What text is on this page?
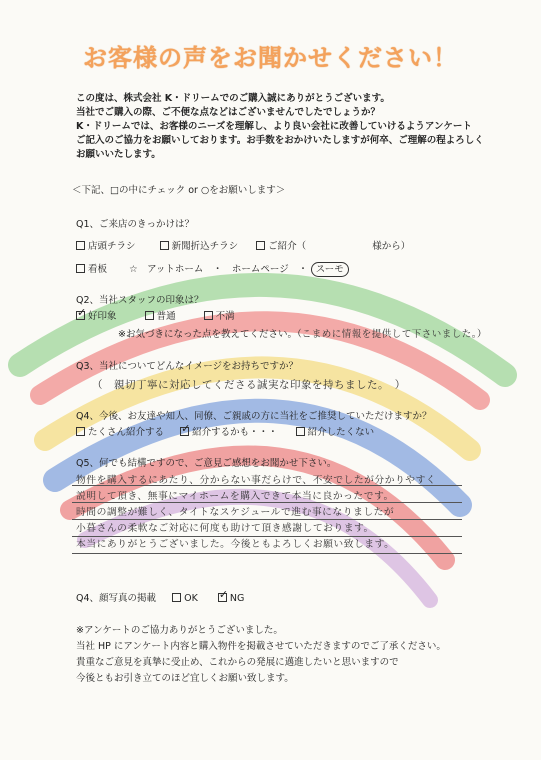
お客様の声をお聞かせください！
この度は、株式会社 K・ドリームでのご購入誠にありがとうございます。
当社でご購入の際、ご不便な点などはございませんでしたでしょうか？
K・ドリームでは、お客様のニーズを理解し、より良い会社に改善していけるようアンケート
ご記入のご協力をお願いしております。お手数をおかけいたしますが何卒、ご理解の程よろしく
お願いいたします。
＜下記、□の中にチェック or ○をお願いします＞
Q1、ご来店のきっかけは？
店頭チラシ	新聞折込チラシ	ご紹介（	様から）
看板 ☆　アットホーム　・　ホームページ　・ スーモ
Q2、当社スタッフの印象は？
✓ 好印象	普通	不満
※お気づきになった点を教えてください。（こまめに情報を提供して下さいました。）
Q3、当社についてどんなイメージをお持ちですか？
（　親切丁寧に対応してくださる誠実な印象を持ちました。　）
Q4、今後、お友達や知人、同僚、ご親戚の方に当社をご推奨していただけますか？
たくさん紹介する ✓ 紹介するかも・・・	紹介したくない
Q5、何でも結構ですので、ご意見ご感想をお聞かせ下さい。
物件を購入するにあたり、分からない事だらけで、不安でしたが分かりやすく
説明して頂き、無事にマイホームを購入できて本当に良かったです。
時間の調整が難しく、タイトなスケジュールで進む事になりましたが
小暮さんの柔軟なご対応に何度も助けて頂き感謝しております。
本当にありがとうございました。今後ともよろしくお願い致します。
Q4、顔写真の掲載	OK ✓ NG
※アンケートのご協力ありがとうございました。
当社 HP にアンケート内容と購入物件を掲載させていただきますのでご了承ください。
貴重なご意見を真摯に受止め、これからの発展に邁進したいと思いますので
今後ともお引き立てのほど宜しくお願い致します。
